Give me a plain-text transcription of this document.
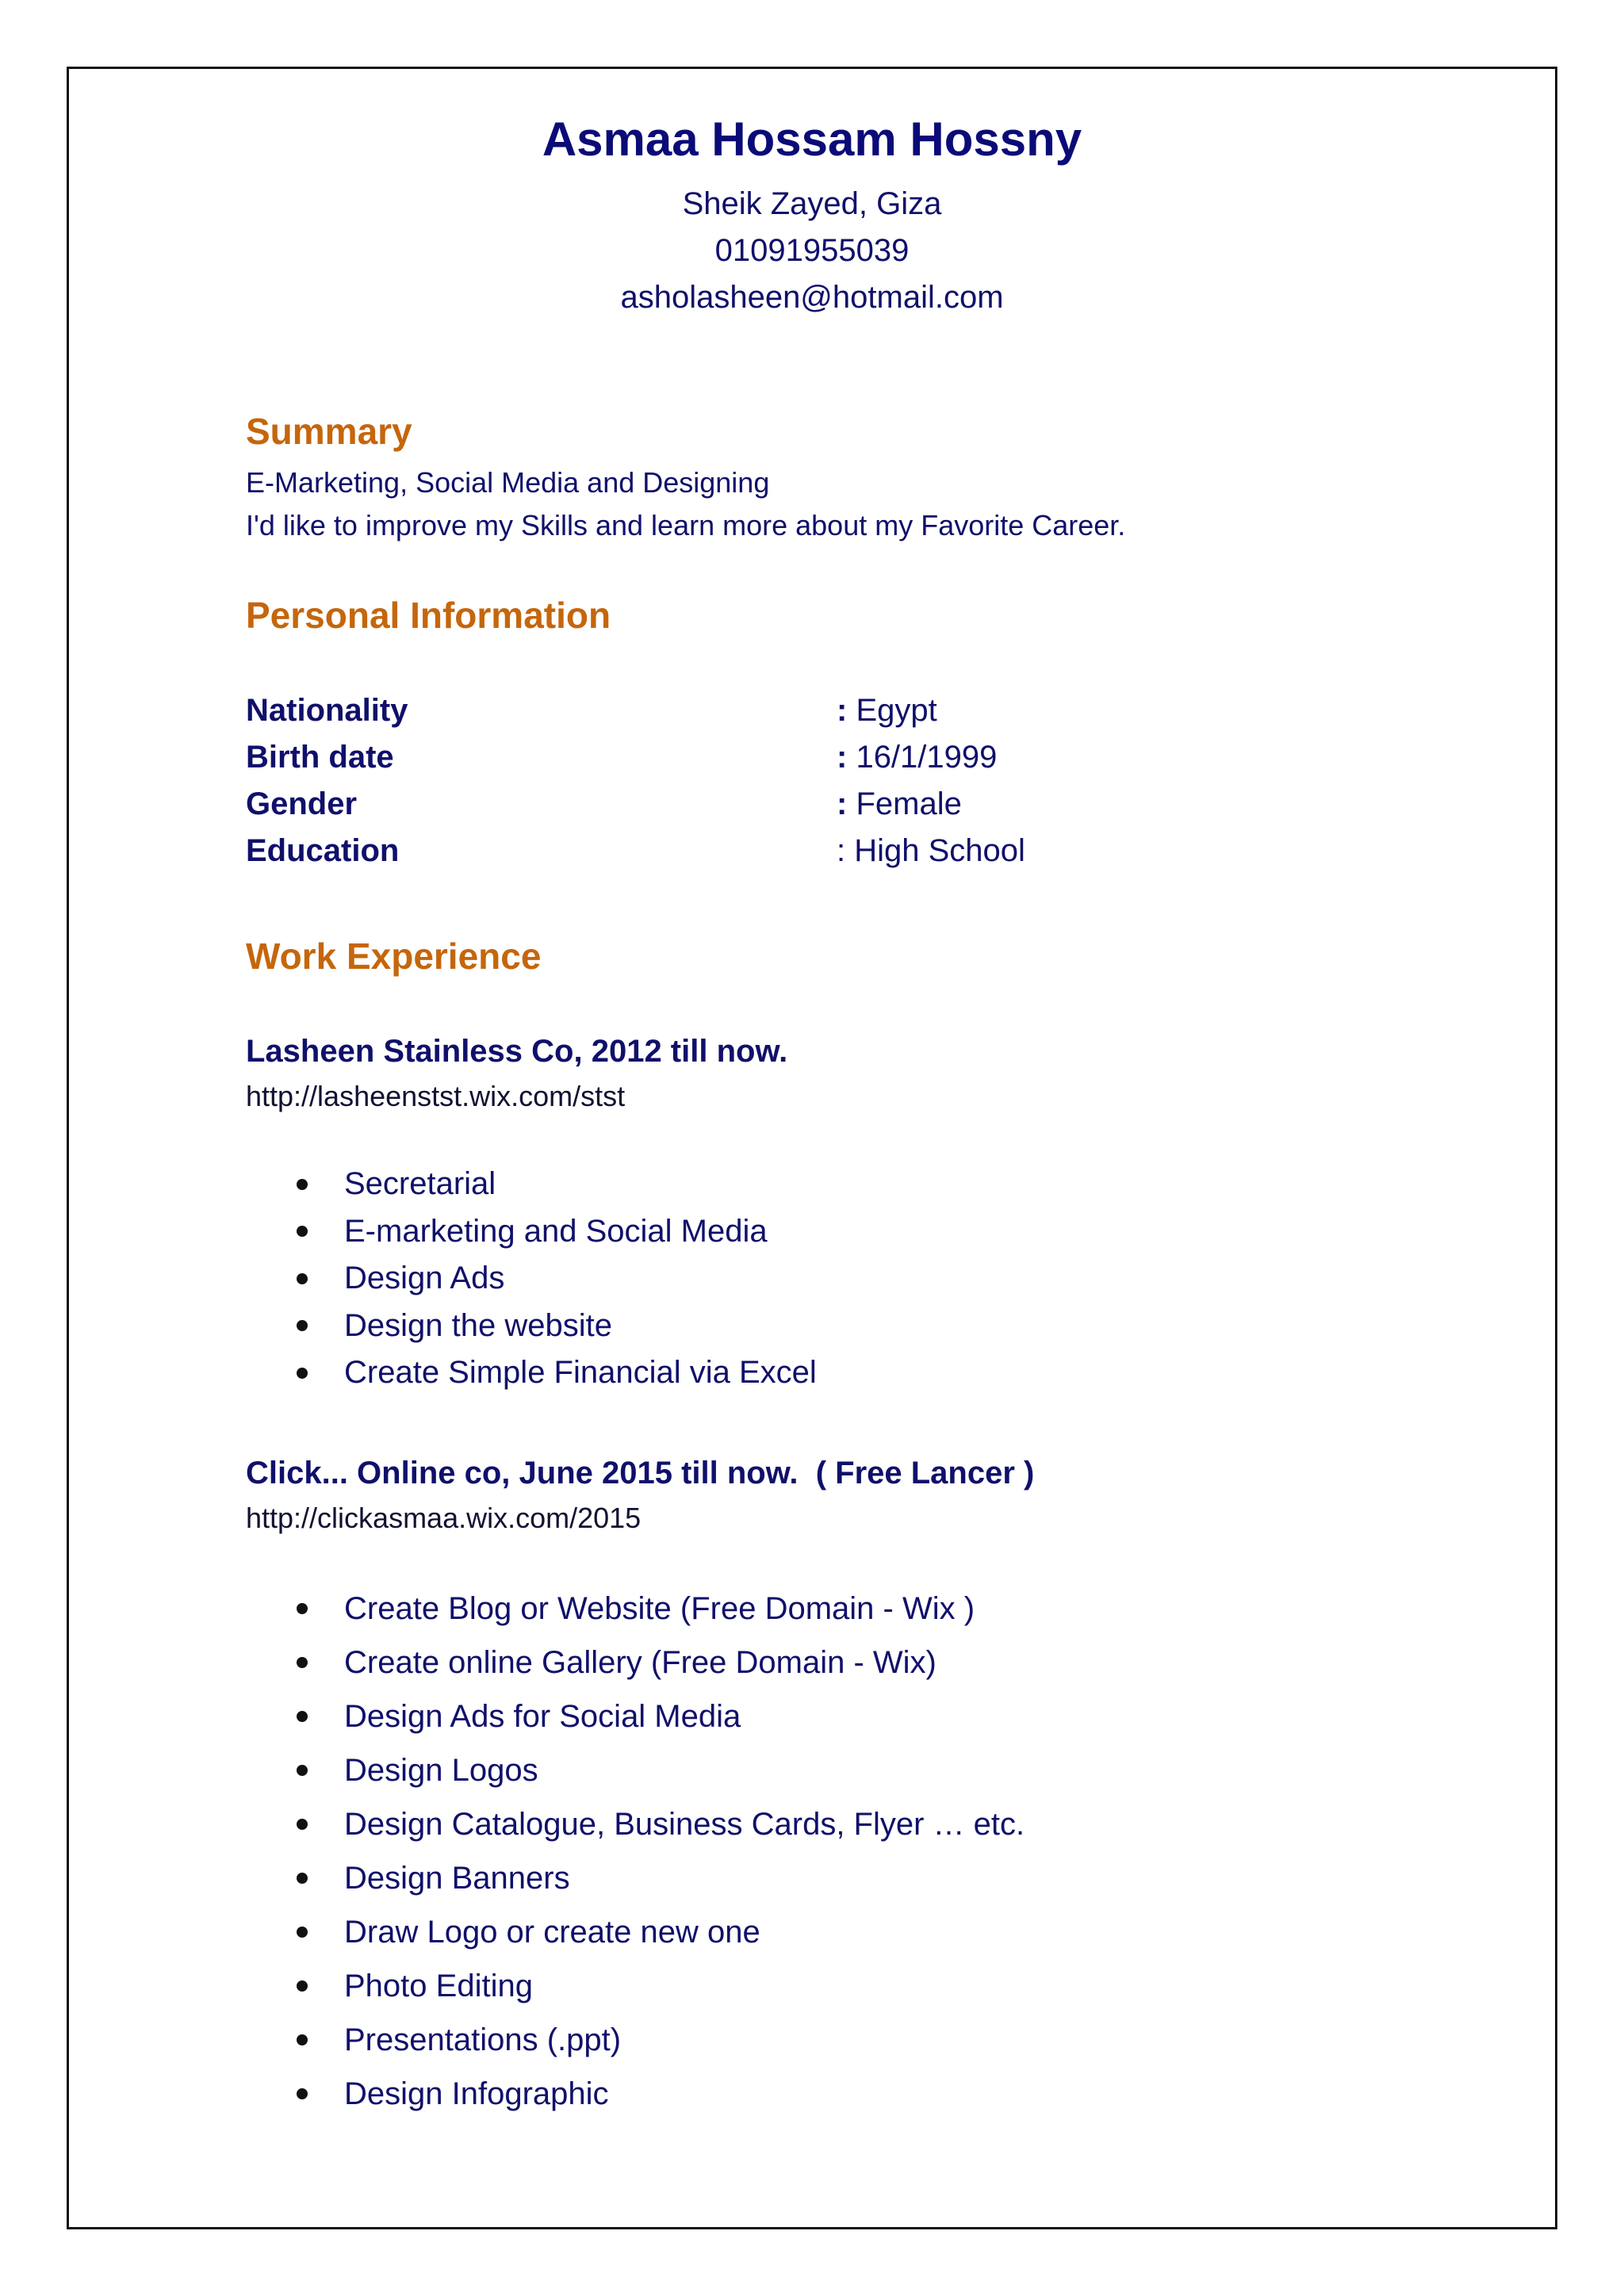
Asmaa Hossam Hossny
Sheik Zayed, Giza
01091955039
asholasheen@hotmail.com
Summary
E-Marketing, Social Media and Designing
I'd like to improve my Skills and learn more about my Favorite Career.
Personal Information
Nationality	: Egypt
Birth date	: 16/1/1999
Gender	: Female
Education	: High School
Work Experience
Lasheen Stainless Co, 2012 till now.
http://lasheenstst.wix.com/stst
Secretarial
E-marketing and Social Media
Design Ads
Design the website
Create Simple Financial via Excel
Click... Online co, June 2015 till now.  ( Free Lancer )
http://clickasmaa.wix.com/2015
Create Blog or Website (Free Domain - Wix )
Create online Gallery (Free Domain - Wix)
Design Ads for Social Media
Design Logos
Design Catalogue, Business Cards, Flyer … etc.
Design Banners
Draw Logo or create new one
Photo Editing
Presentations (.ppt)
Design Infographic
